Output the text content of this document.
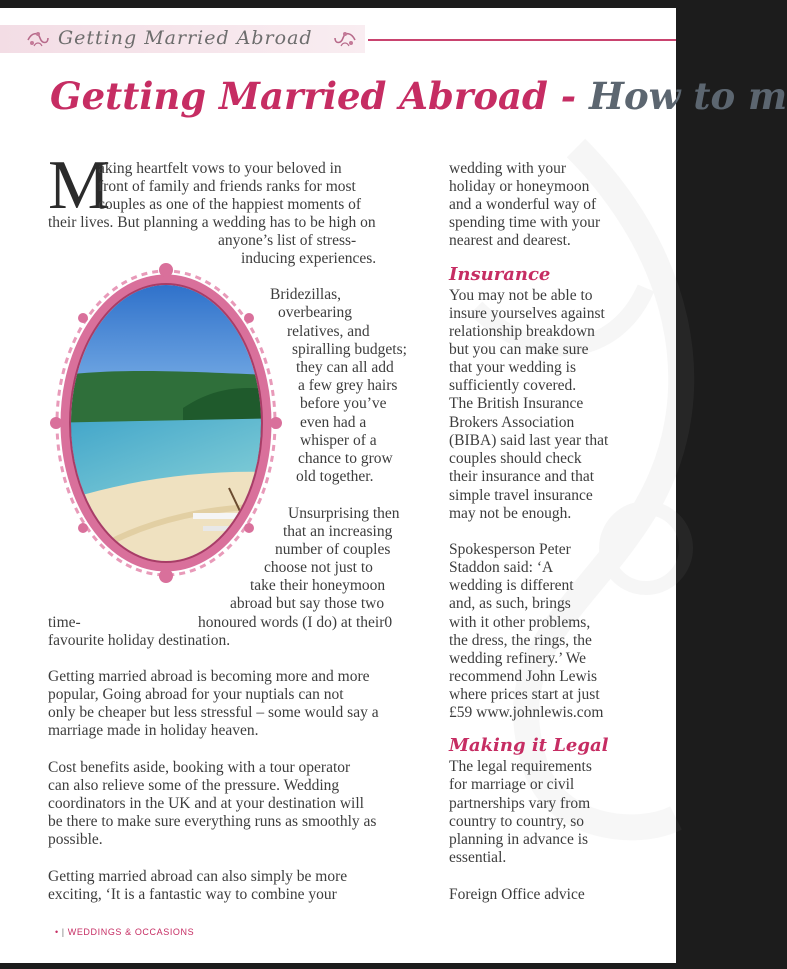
Getting Married Abroad
Getting Married Abroad - How to m
M
aking heartfelt vows to your beloved in
front of family and friends ranks for most
couples as one of the happiest moments of
their lives. But planning a wedding has to be high on
anyone’s list of stress-
inducing experiences.
Bridezillas,
overbearing
relatives, and
spiralling budgets;
they can all add
a few grey hairs
before you’ve
even had a
whisper of a
chance to grow
old together.
Unsurprising then
that an increasing
number of couples
choose not just to
take their honeymoon
abroad but say those two
time-	honoured words (I do) at their0
favourite holiday destination.
Getting married abroad is becoming more and more
popular, Going abroad for your nuptials can not
only be cheaper but less stressful – some would say a
marriage made in holiday heaven.
Cost benefits aside, booking with a tour operator
can also relieve some of the pressure. Wedding
coordinators in the UK and at your destination will
be there to make sure everything runs as smoothly as
possible.
Getting married abroad can also simply be more
exciting, ‘It is a fantastic way to combine your
wedding with your
holiday or honeymoon
and a wonderful way of
spending time with your
nearest and dearest.
Insurance
You may not be able to
insure yourselves against
relationship breakdown
but you can make sure
that your wedding is
sufficiently covered.
The British Insurance
Brokers Association
(BIBA) said last year that
couples should check
their insurance and that
simple travel insurance
may not be enough.
Spokesperson Peter
Staddon said: ‘A
wedding is different
and, as such, brings
with it other problems,
the dress, the rings, the
wedding refinery.’ We
recommend John Lewis
where prices start at just
£59 www.johnlewis.com
Making it Legal
The legal requirements
for marriage or civil
partnerships vary from
country to country, so
planning in advance is
essential.
Foreign Office advice
• | WEDDINGS & OCCASIONS
